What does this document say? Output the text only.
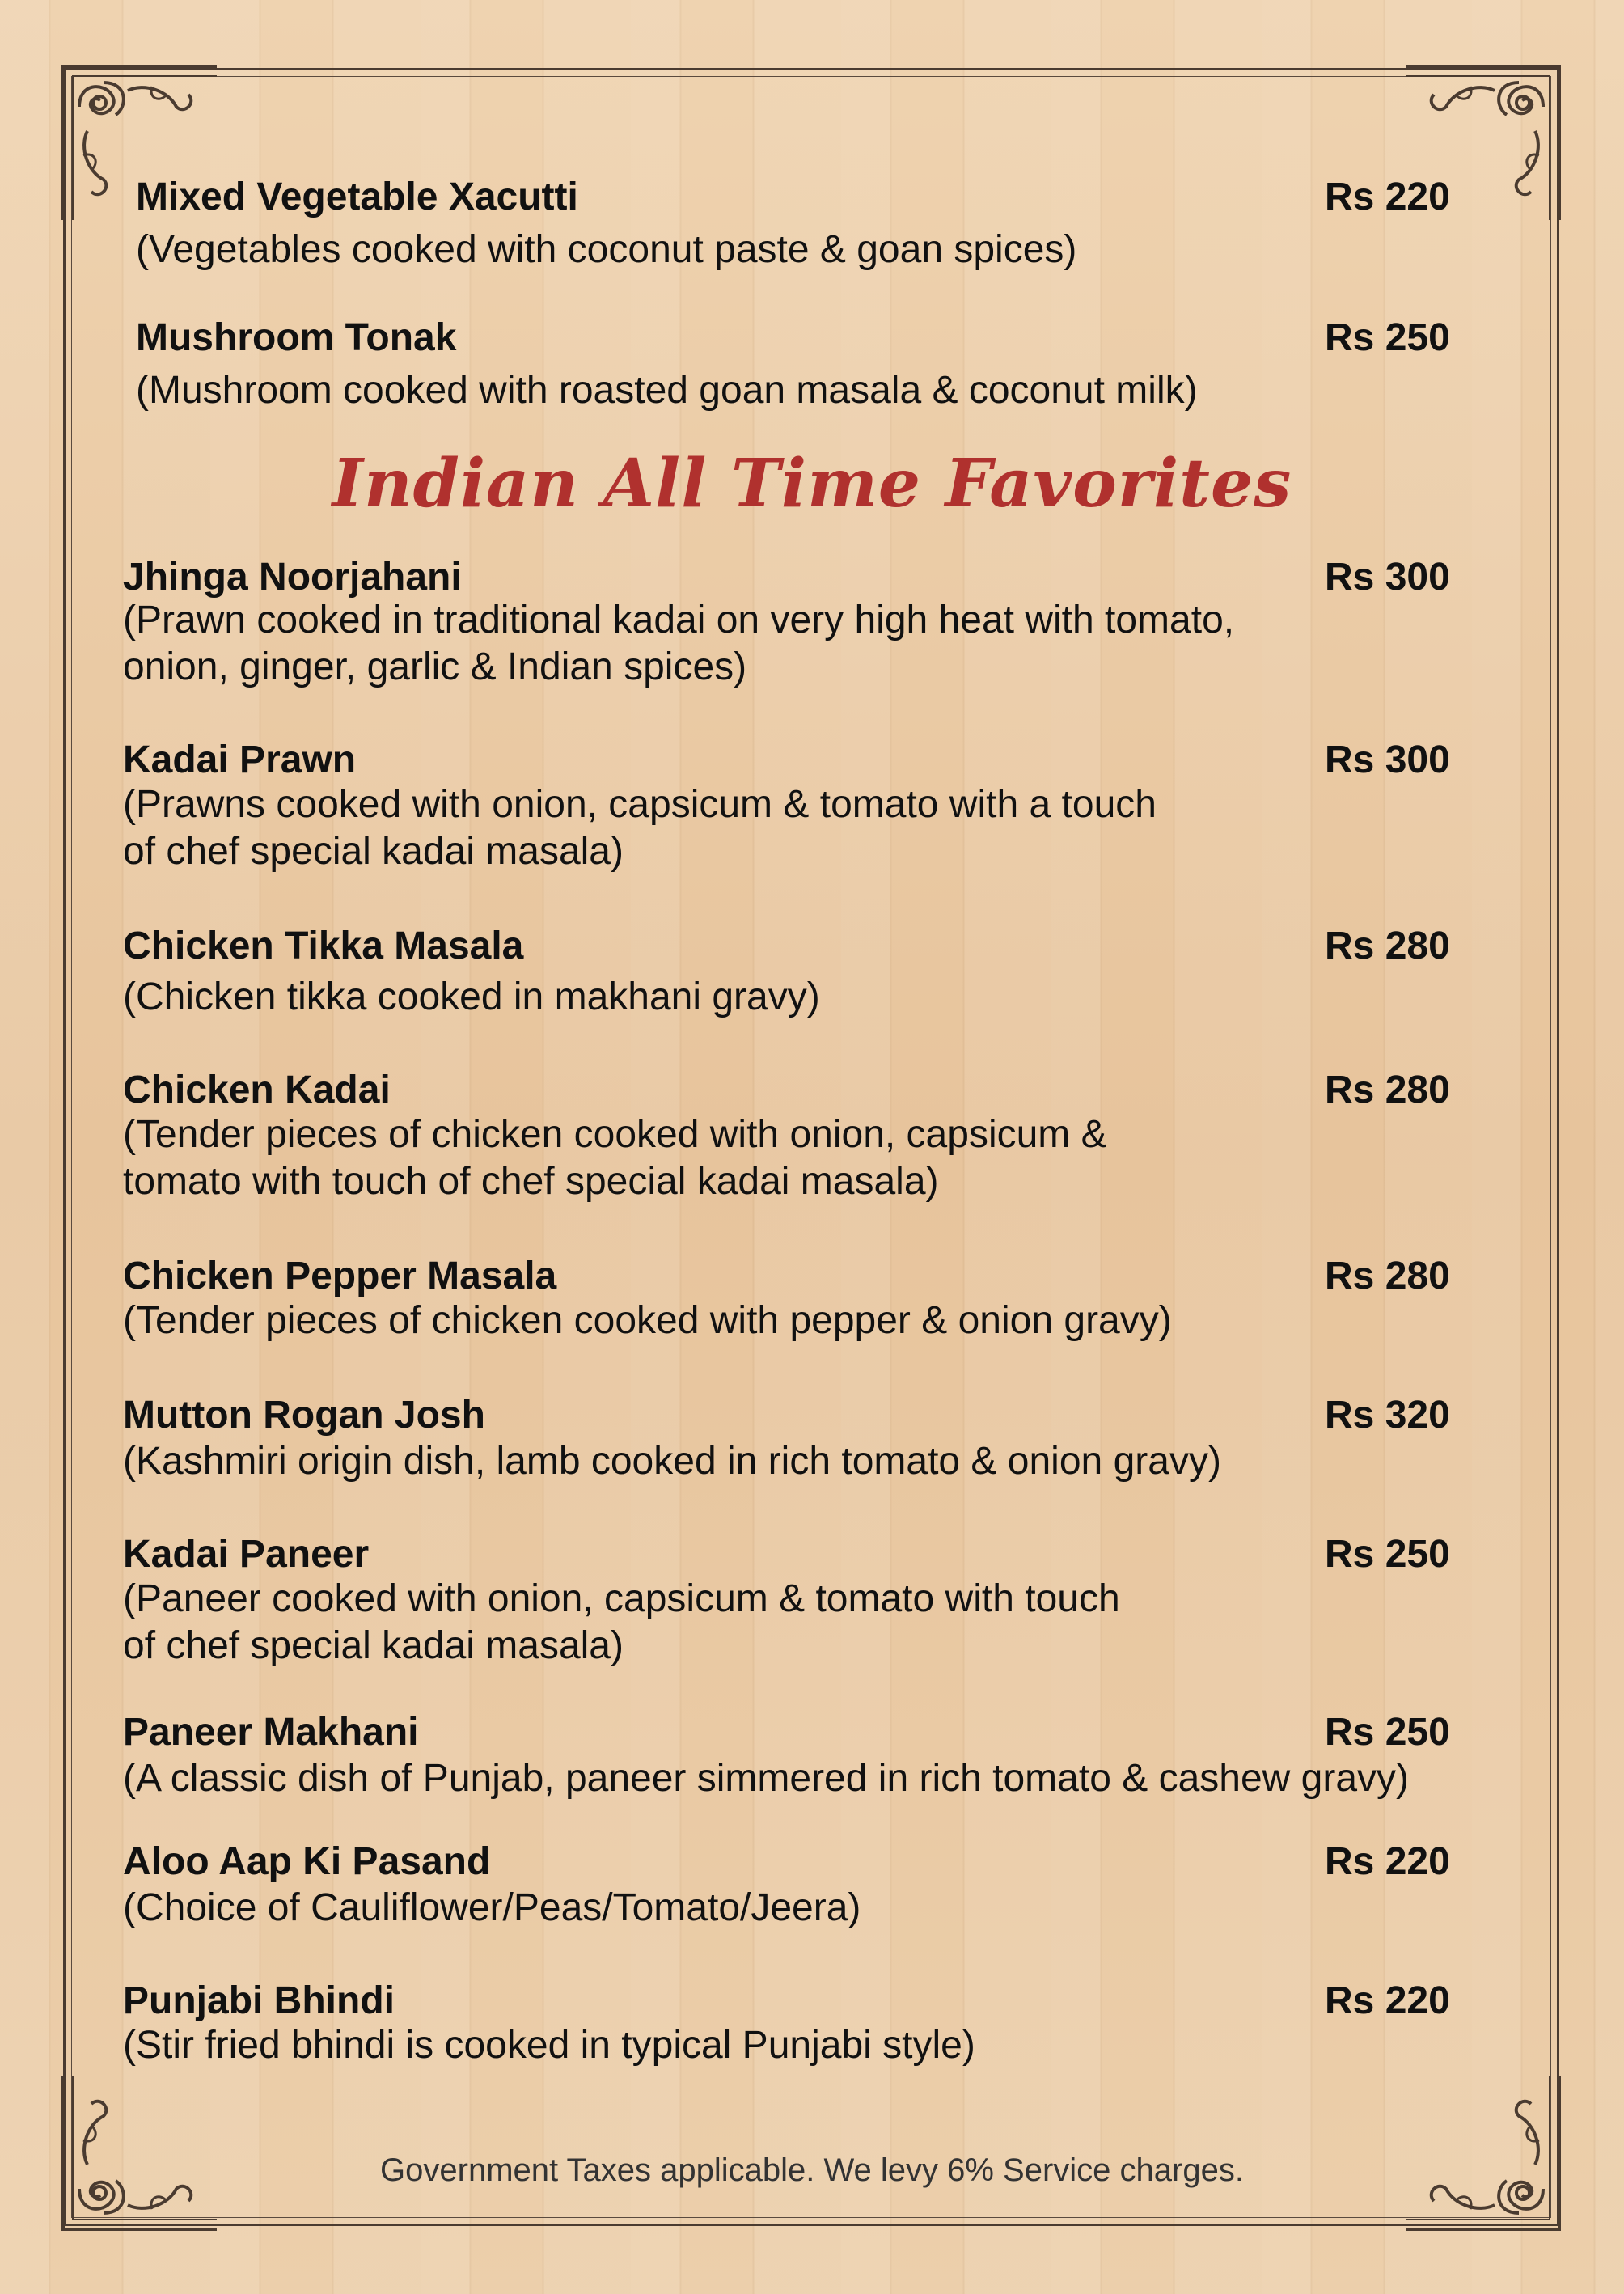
Mixed Vegetable Xacutti	Rs 220
(Vegetables cooked with coconut paste & goan spices)
Mushroom Tonak	Rs 250
(Mushroom cooked with roasted goan masala & coconut milk)
Indian All Time Favorites
Jhinga Noorjahani	Rs 300
(Prawn cooked in traditional kadai on very high heat with tomato,
onion, ginger, garlic & Indian spices)
Kadai Prawn	Rs 300
(Prawns cooked with onion, capsicum & tomato with a touch
of chef special kadai masala)
Chicken Tikka Masala	Rs 280
(Chicken tikka cooked in makhani gravy)
Chicken Kadai	Rs 280
(Tender pieces of chicken cooked with onion, capsicum &
tomato with touch of chef special kadai masala)
Chicken Pepper Masala	Rs 280
(Tender pieces of chicken cooked with pepper & onion gravy)
Mutton Rogan Josh	Rs 320
(Kashmiri origin dish, lamb cooked in rich tomato & onion gravy)
Kadai Paneer	Rs 250
(Paneer cooked with onion, capsicum & tomato with touch
of chef special kadai masala)
Paneer Makhani	Rs 250
(A classic dish of Punjab, paneer simmered in rich tomato & cashew gravy)
Aloo Aap Ki Pasand	Rs 220
(Choice of Cauliflower/Peas/Tomato/Jeera)
Punjabi Bhindi	Rs 220
(Stir fried bhindi is cooked in typical Punjabi style)
Government Taxes applicable. We levy 6% Service charges.
